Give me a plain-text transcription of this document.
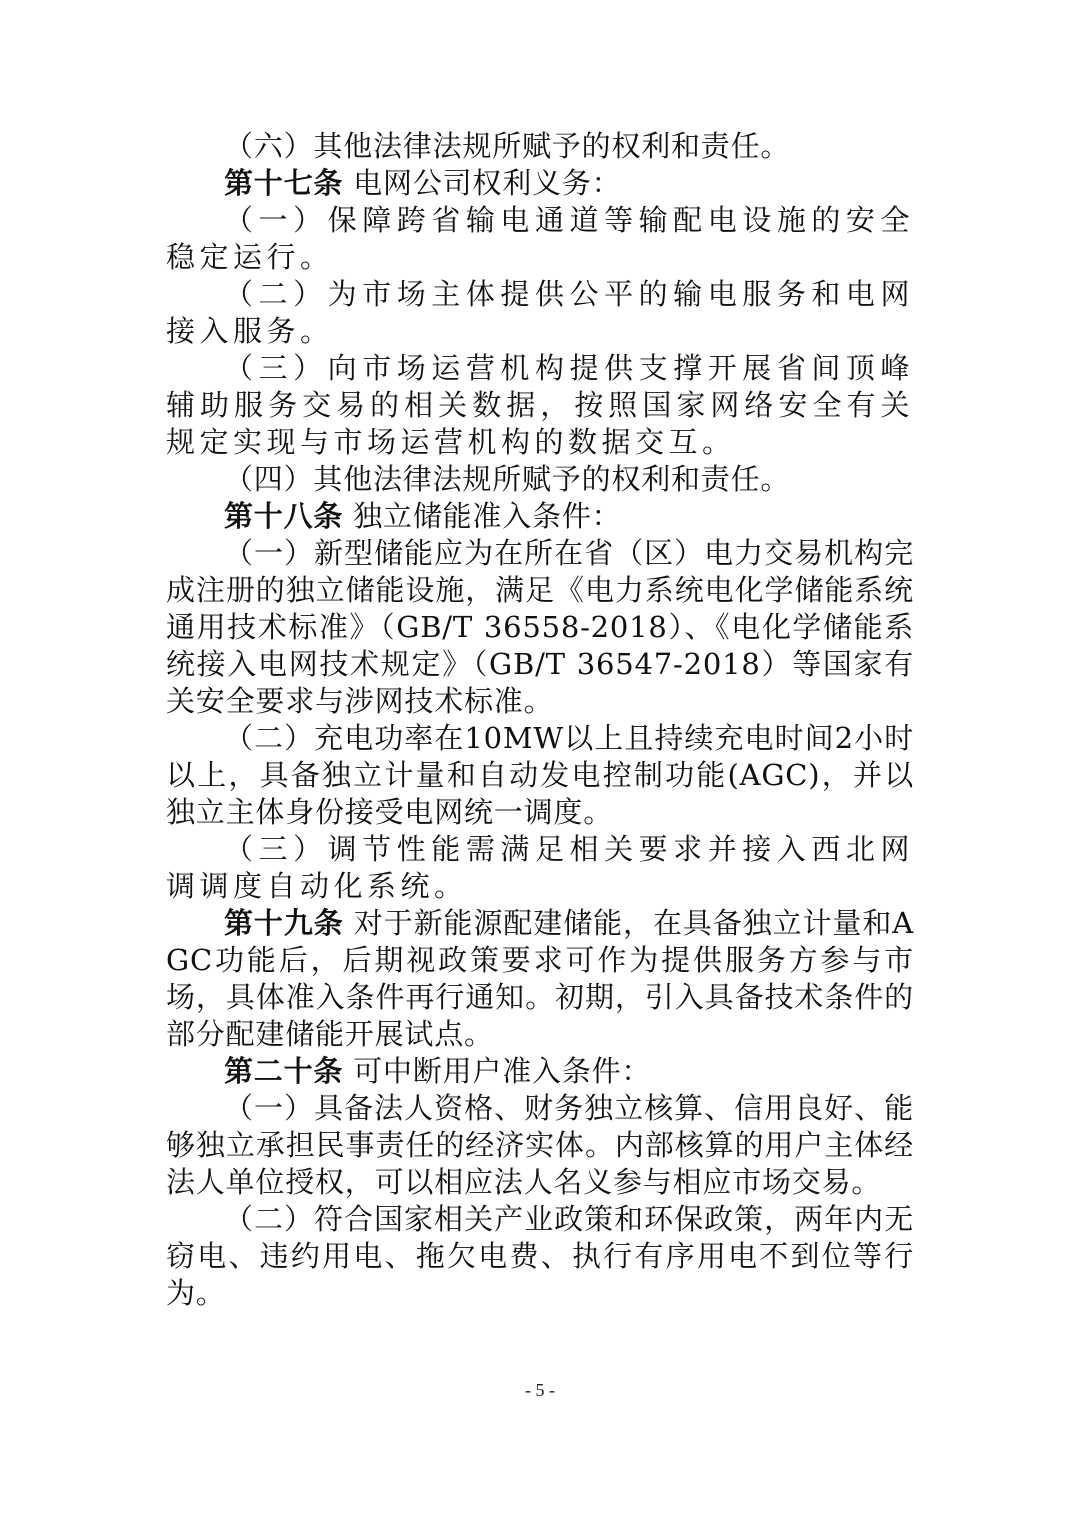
（六）其他法律法规所赋予的权利和责任。

第十七条 电网公司权利义务：

（一）保障跨省输电通道等输配电设施的安全稳定运行。

（二）为市场主体提供公平的输电服务和电网接入服务。

（三）向市场运营机构提供支撑开展省间顶峰辅助服务交易的相关数据，按照国家网络安全有关规定实现与市场运营机构的数据交互。

（四）其他法律法规所赋予的权利和责任。

第十八条 独立储能准入条件：

（一）新型储能应为在所在省（区）电力交易机构完成注册的独立储能设施，满足《电力系统电化学储能系统通用技术标准》（GB/T 36558-2018）、《电化学储能系统接入电网技术规定》（GB/T 36547-2018）等国家有关安全要求与涉网技术标准。

（二）充电功率在10MW以上且持续充电时间2小时以上，具备独立计量和自动发电控制功能(AGC)，并以独立主体身份接受电网统一调度。

（三）调节性能需满足相关要求并接入西北网调调度自动化系统。

第十九条 对于新能源配建储能，在具备独立计量和AGC功能后，后期视政策要求可作为提供服务方参与市场，具体准入条件再行通知。初期，引入具备技术条件的部分配建储能开展试点。

第二十条 可中断用户准入条件：

（一）具备法人资格、财务独立核算、信用良好、能够独立承担民事责任的经济实体。内部核算的用户主体经法人单位授权，可以相应法人名义参与相应市场交易。

（二）符合国家相关产业政策和环保政策，两年内无窃电、违约用电、拖欠电费、执行有序用电不到位等行为。

- 5 -
